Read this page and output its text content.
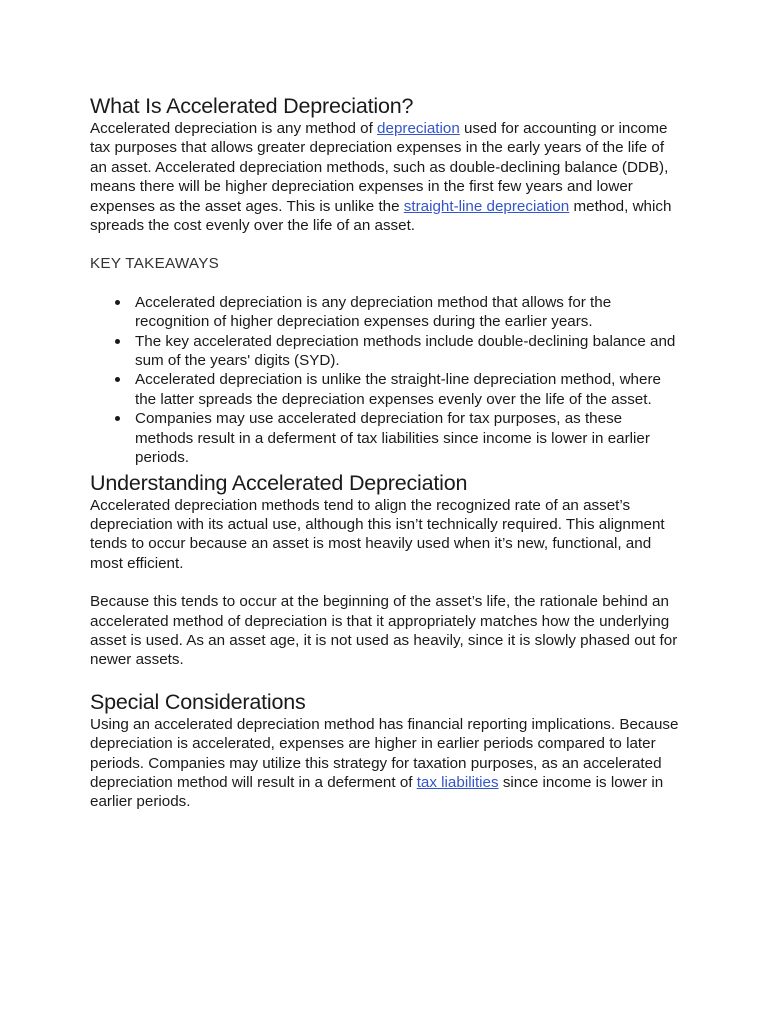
What Is Accelerated Depreciation?

Accelerated depreciation is any method of depreciation used for accounting or income tax purposes that allows greater depreciation expenses in the early years of the life of an asset. Accelerated depreciation methods, such as double-declining balance (DDB), means there will be higher depreciation expenses in the first few years and lower expenses as the asset ages. This is unlike the straight-line depreciation method, which spreads the cost evenly over the life of an asset.

KEY TAKEAWAYS
Accelerated depreciation is any depreciation method that allows for the recognition of higher depreciation expenses during the earlier years.
The key accelerated depreciation methods include double-declining balance and sum of the years' digits (SYD).
Accelerated depreciation is unlike the straight-line depreciation method, where the latter spreads the depreciation expenses evenly over the life of the asset.
Companies may use accelerated depreciation for tax purposes, as these methods result in a deferment of tax liabilities since income is lower in earlier periods.
Understanding Accelerated Depreciation

Accelerated depreciation methods tend to align the recognized rate of an asset’s depreciation with its actual use, although this isn’t technically required. This alignment tends to occur because an asset is most heavily used when it’s new, functional, and most efficient.

Because this tends to occur at the beginning of the asset’s life, the rationale behind an accelerated method of depreciation is that it appropriately matches how the underlying asset is used. As an asset age, it is not used as heavily, since it is slowly phased out for newer assets.

Special Considerations

Using an accelerated depreciation method has financial reporting implications. Because depreciation is accelerated, expenses are higher in earlier periods compared to later periods. Companies may utilize this strategy for taxation purposes, as an accelerated depreciation method will result in a deferment of tax liabilities since income is lower in earlier periods.
